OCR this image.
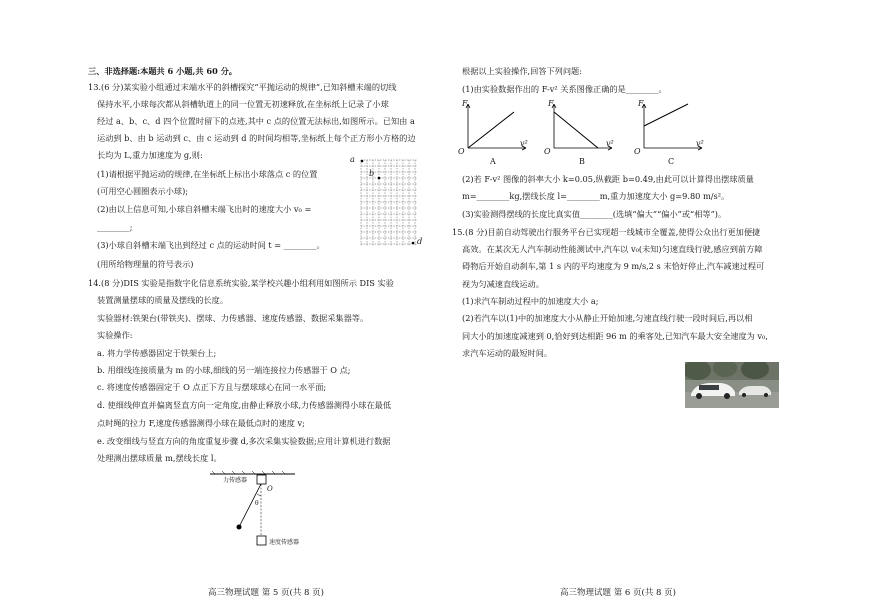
三、非选择题:本题共 6 小题,共 60 分。
13.(6 分)某实验小组通过末端水平的斜槽探究“平抛运动的规律”,已知斜槽末端的切线
保持水平,小球每次都从斜槽轨道上的同一位置无初速释放,在坐标纸上记录了小球
经过 a、b、c、d 四个位置时留下的点迹,其中 c 点的位置无法标出,如图所示。已知由 a
运动到 b、由 b 运动到 c、由 c 运动到 d 的时间均相等,坐标纸上每个正方形小方格的边
长均为 L,重力加速度为 g,则:
(1)请根据平抛运动的规律,在坐标纸上标出小球落点 c 的位置
(可用空心圆圈表示小球);
(2)由以上信息可知,小球自斜槽末端飞出时的速度大小 v₀ =
________;
(3)小球自斜槽末端飞出到经过 c 点的运动时间 t = ________。
(用所给物理量的符号表示)
a
b
d
14.(8 分)DIS 实验是指数字化信息系统实验,某学校兴趣小组利用如图所示 DIS 实验
装置测量摆球的质量及摆线的长度。
实验器材:铁架台(带铁夹)、摆球、力传感器、速度传感器、数据采集器等。
实验操作:
a. 将力学传感器固定于铁架台上;
b. 用细线连接质量为 m 的小球,细线的另一端连接拉力传感器于 O 点;
c. 将速度传感器固定于 O 点正下方且与摆球球心在同一水平面;
d. 使细线伸直并偏离竖直方向一定角度,由静止释放小球,力传感器测得小球在最低
点时绳的拉力 F,速度传感器测得小球在最低点时的速度 v;
e. 改变细线与竖直方向的角度重复步骤 d,多次采集实验数据;应用计算机进行数据
处理测出摆球质量 m,摆线长度 l。
力传感器
O
θ
速度传感器
高三物理试题 第 5 页(共 8 页)
根据以上实验操作,回答下列问题:
(1)由实验数据作出的 F-v² 关系图像正确的是________。
F
O
v²
A
F
O
v²
B
F
O
v²
C
(2)若 F-v² 图像的斜率大小 k=0.05,纵截距 b=0.49,由此可以计算得出摆球质量
m=________kg,摆线长度 l=________m,重力加速度大小 g=9.80 m/s²。
(3)实验测得摆线的长度比真实值________(选填“偏大”“偏小”或“相等”)。
15.(8 分)目前自动驾驶出行服务平台已实现超一线城市全覆盖,使得公众出行更加便捷
高效。在某次无人汽车制动性能测试中,汽车以 v₀(未知)匀速直线行驶,感应到前方障
碍物后开始自动刹车,第 1 s 内的平均速度为 9 m/s,2 s 末恰好停止,汽车减速过程可
视为匀减速直线运动。
(1)求汽车制动过程中的加速度大小 a;
(2)若汽车以(1)中的加速度大小从静止开始加速,匀速直线行驶一段时间后,再以相
同大小的加速度减速到 0,恰好到达相距 96 m 的乘客处,已知汽车最大安全速度为 v₀,
求汽车运动的最短时间。
高三物理试题 第 6 页(共 8 页)
